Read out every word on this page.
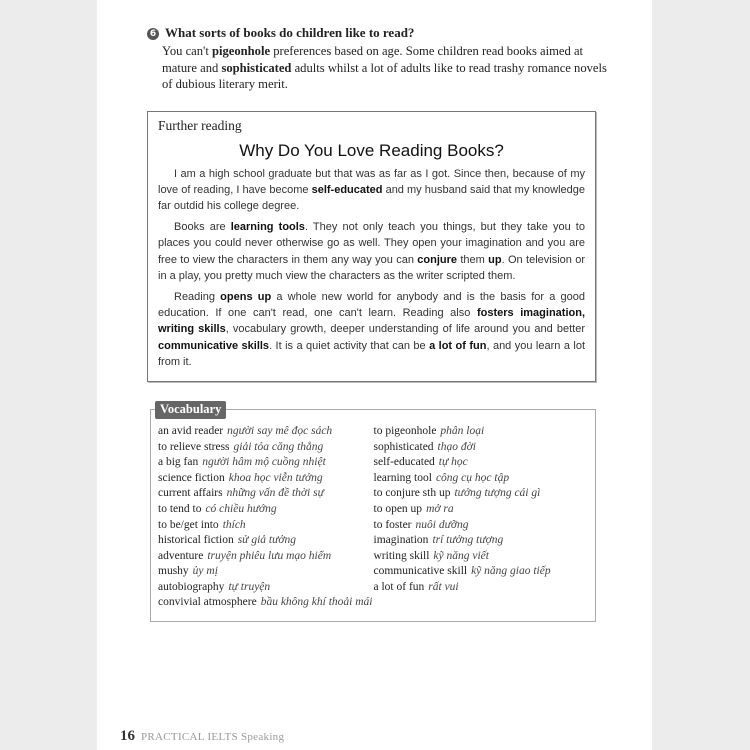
6 What sorts of books do children like to read?

You can't pigeonhole preferences based on age. Some children read books aimed at mature and sophisticated adults whilst a lot of adults like to read trashy romance novels of dubious literary merit.

Further reading
Why Do You Love Reading Books?

I am a high school graduate but that was as far as I got. Since then, because of my love of reading, I have become self-educated and my husband said that my knowledge far outdid his college degree.

Books are learning tools. They not only teach you things, but they take you to places you could never otherwise go as well. They open your imagination and you are free to view the characters in them any way you can conjure them up. On television or in a play, you pretty much view the characters as the writer scripted them.

Reading opens up a whole new world for anybody and is the basis for a good education. If one can't read, one can't learn. Reading also fosters imagination, writing skills, vocabulary growth, deeper understanding of life around you and better communicative skills. It is a quiet activity that can be a lot of fun, and you learn a lot from it.

Vocabulary
an avid reader người say mê đọc sách
to relieve stress giải tỏa căng thẳng
a big fan người hâm mộ cuồng nhiệt
science fiction khoa học viễn tưởng
current affairs những vấn đề thời sự
to tend to có chiều hướng
to be/get into thích
historical fiction sử giả tưởng
adventure truyện phiêu lưu mạo hiểm
mushy ủy mị
autobiography tự truyện
convivial atmosphere bầu không khí thoải mái
to pigeonhole phân loại
sophisticated thạo đời
self-educated tự học
learning tool công cụ học tập
to conjure sth up tưởng tượng cái gì
to open up mở ra
to foster nuôi dưỡng
imagination trí tưởng tượng
writing skill kỹ năng viết
communicative skill kỹ năng giao tiếp
a lot of fun rất vui
16 PRACTICAL IELTS Speaking
